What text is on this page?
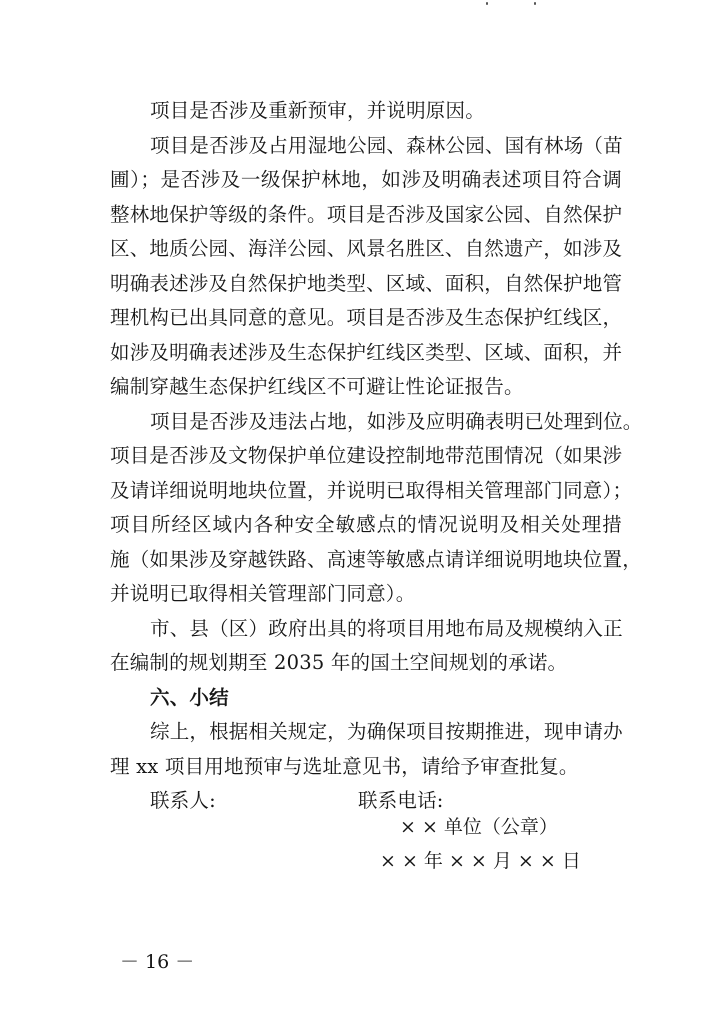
项目是否涉及重新预审，并说明原因。
项目是否涉及占用湿地公园、森林公园、国有林场（苗
圃）；是否涉及一级保护林地，如涉及明确表述项目符合调
整林地保护等级的条件。项目是否涉及国家公园、自然保护
区、地质公园、海洋公园、风景名胜区、自然遗产，如涉及
明确表述涉及自然保护地类型、区域、面积，自然保护地管
理机构已出具同意的意见。项目是否涉及生态保护红线区，
如涉及明确表述涉及生态保护红线区类型、区域、面积，并
编制穿越生态保护红线区不可避让性论证报告。
项目是否涉及违法占地，如涉及应明确表明已处理到位。
项目是否涉及文物保护单位建设控制地带范围情况（如果涉
及请详细说明地块位置，并说明已取得相关管理部门同意）；
项目所经区域内各种安全敏感点的情况说明及相关处理措
施（如果涉及穿越铁路、高速等敏感点请详细说明地块位置，
并说明已取得相关管理部门同意）。
市、县（区）政府出具的将项目用地布局及规模纳入正
在编制的规划期至 2035 年的国土空间规划的承诺。
六、小结
综上，根据相关规定，为确保项目按期推进，现申请办
理 xx 项目用地预审与选址意见书，请给予审查批复。
联系人:	联系电话:
× × 单位（公章）
× × 年 × × 月 × × 日
－ 16 －
